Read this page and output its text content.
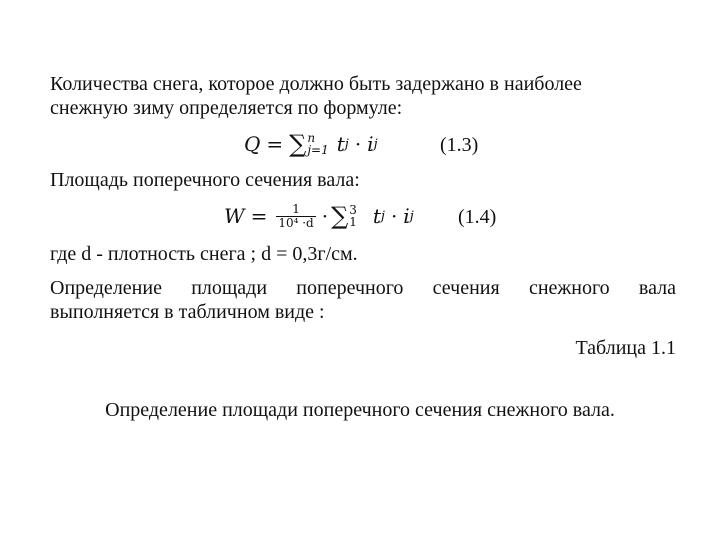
Количества снега, которое должно быть задержано в наиболее
снежную зиму определяется по формуле:
Q = ∑ n
j=1 t j · i j	(1.3)
Площадь поперечного сечения вала:
$W = \frac{1}{\text{10⁴ ·d}}$ · ∑ 3
1 t j · i j (1.4)
где d - плотность снега ; d = 0,3г/см.
Определение площади поперечного сечения снежного вала
выполняется в табличном виде :
Таблица 1.1
Определение площади поперечного сечения снежного вала.
